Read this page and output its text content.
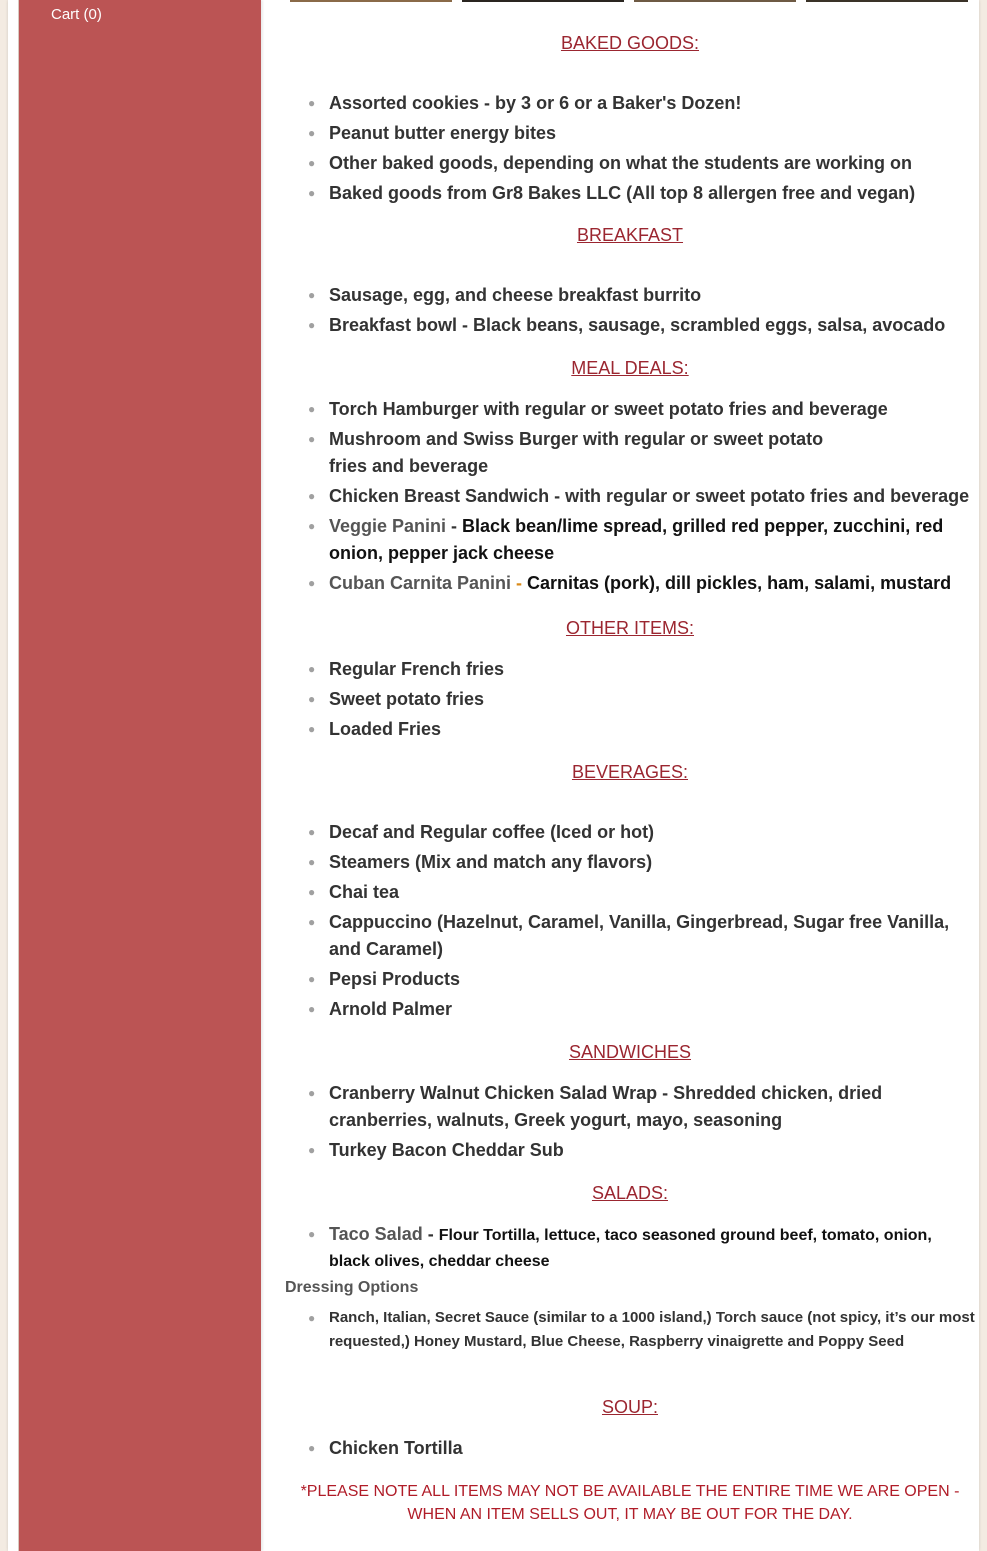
Cart (0)
BAKED GOODS:
● Assorted cookies - by 3 or 6 or a Baker's Dozen!
● Peanut butter energy bites
● Other baked goods, depending on what the students are working on
● Baked goods from Gr8 Bakes LLC (All top 8 allergen free and vegan)
BREAKFAST
● Sausage, egg, and cheese breakfast burrito
● Breakfast bowl - Black beans, sausage, scrambled eggs, salsa, avocado
MEAL DEALS:
● Torch Hamburger with regular or sweet potato fries and beverage
● Mushroom and Swiss Burger with regular or sweet potato fries and beverage
● Chicken Breast Sandwich - with regular or sweet potato fries and beverage
● Veggie Panini - Black bean/lime spread, grilled red pepper, zucchini, red onion, pepper jack cheese
● Cuban Carnita Panini - Carnitas (pork), dill pickles, ham, salami, mustard
OTHER ITEMS:
● Regular French fries
● Sweet potato fries
● Loaded Fries
BEVERAGES:
● Decaf and Regular coffee (Iced or hot)
● Steamers (Mix and match any flavors)
● Chai tea
● Cappuccino (Hazelnut, Caramel, Vanilla, Gingerbread, Sugar free Vanilla, and Caramel)
● Pepsi Products
● Arnold Palmer
SANDWICHES
● Cranberry Walnut Chicken Salad Wrap - Shredded chicken, dried cranberries, walnuts, Greek yogurt, mayo, seasoning
● Turkey Bacon Cheddar Sub
SALADS:
● Taco Salad - Flour Tortilla, lettuce, taco seasoned ground beef, tomato, onion, black olives, cheddar cheese
Dressing Options
● Ranch, Italian, Secret Sauce (similar to a 1000 island,) Torch sauce (not spicy, it’s our most requested,) Honey Mustard, Blue Cheese, Raspberry vinaigrette and Poppy Seed
SOUP:
● Chicken Tortilla
*PLEASE NOTE ALL ITEMS MAY NOT BE AVAILABLE THE ENTIRE TIME WE ARE OPEN - WHEN AN ITEM SELLS OUT, IT MAY BE OUT FOR THE DAY.
